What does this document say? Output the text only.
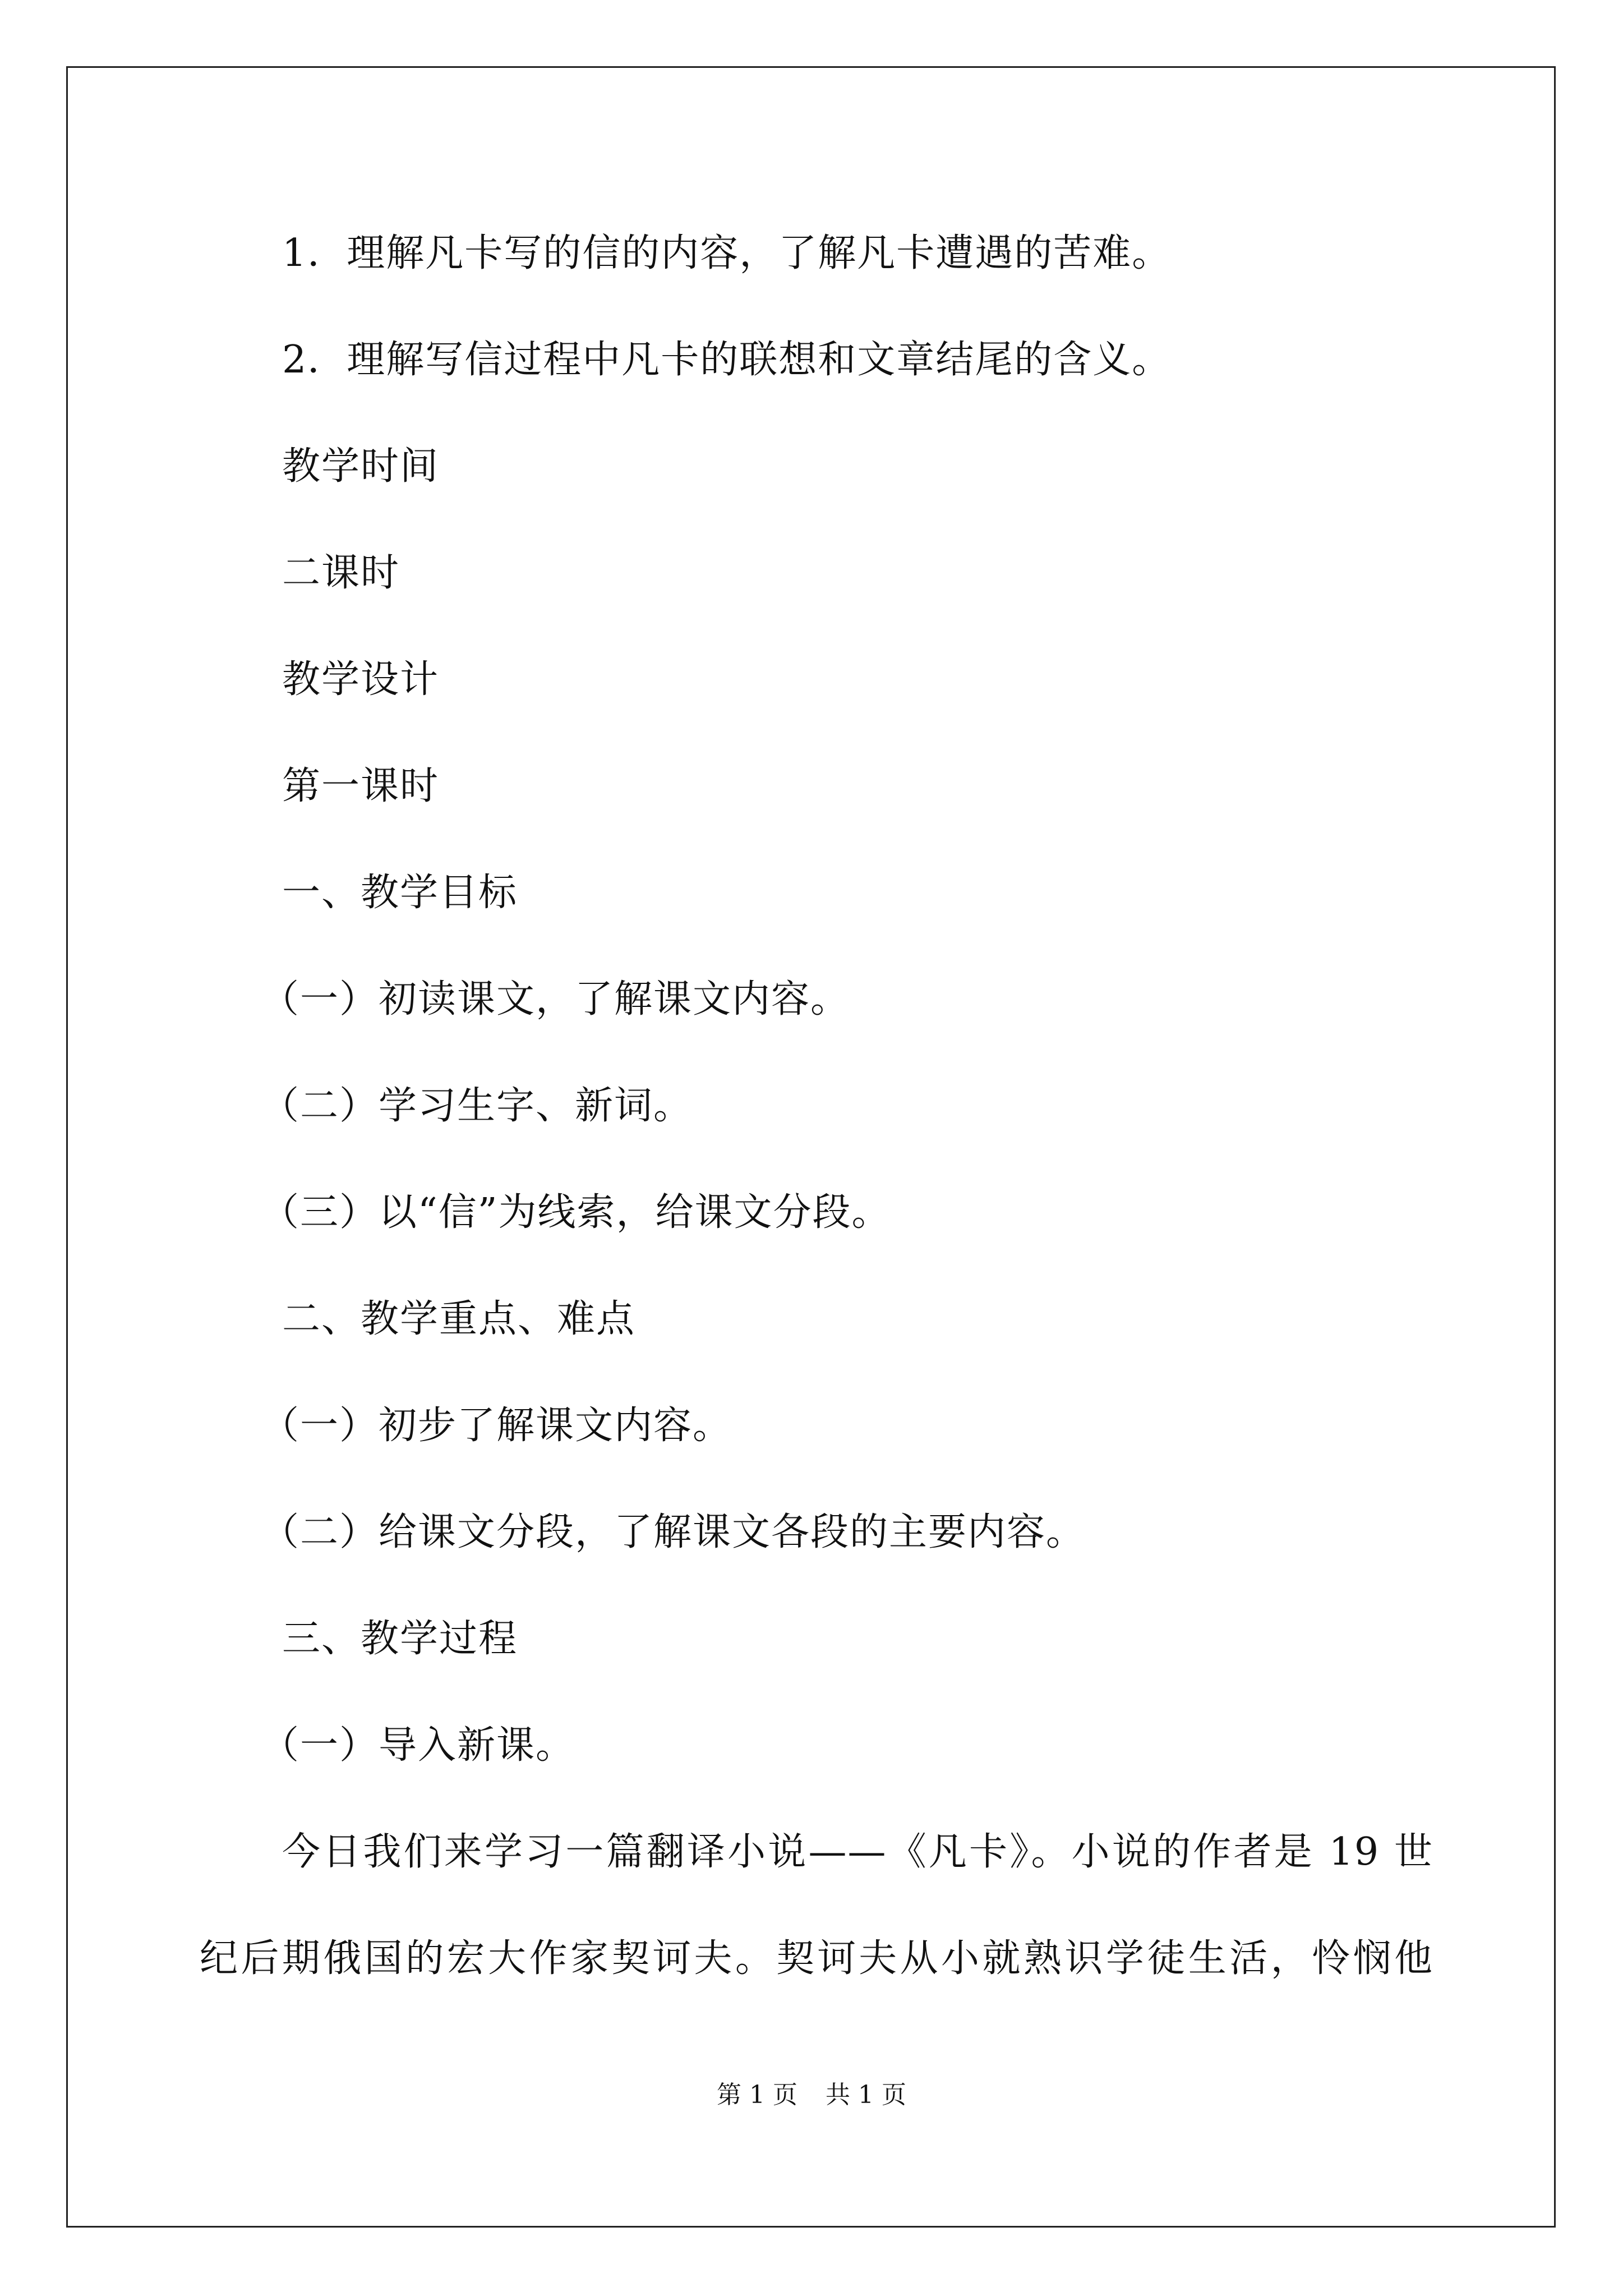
1．理解凡卡写的信的内容，了解凡卡遭遇的苦难。
2．理解写信过程中凡卡的联想和文章结尾的含义。
教学时间
二课时
教学设计
第一课时
一、教学目标
（一）初读课文，了解课文内容。
（二）学习生字、新词。
（三）以“信”为线索，给课文分段。
二、教学重点、难点
（一）初步了解课文内容。
（二）给课文分段，了解课文各段的主要内容。
三、教学过程
（一）导入新课。
今日我们来学习一篇翻译小说——《凡卡》。小说的作者是 19 世
纪后期俄国的宏大作家契诃夫。契诃夫从小就熟识学徒生活，怜悯他
第 1 页 共 1 页
